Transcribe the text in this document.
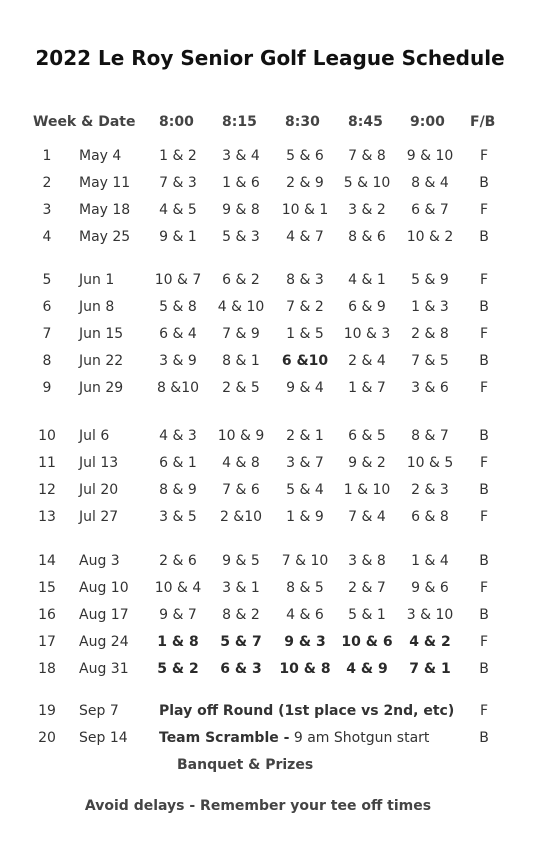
2022 Le Roy Senior Golf League Schedule
Week & Date 8:00 8:15 8:30 8:45 9:00 F/B
1	May 4	1 & 2	3 & 4	5 & 6	7 & 8	9 & 10	F
2	May 11	7 & 3	1 & 6	2 & 9	5 & 10	8 & 4	B
3	May 18	4 & 5	9 & 8	10 & 1	3 & 2	6 & 7	F
4	May 25	9 & 1	5 & 3	4 & 7	8 & 6	10 & 2	B
5	Jun 1	10 & 7	6 & 2	8 & 3	4 & 1	5 & 9	F
6	Jun 8	5 & 8	4 & 10	7 & 2	6 & 9	1 & 3	B
7	Jun 15	6 & 4	7 & 9	1 & 5	10 & 3	2 & 8	F
8	Jun 22	3 & 9	8 & 1	6 &10	2 & 4	7 & 5	B
9	Jun 29	8 &10	2 & 5	9 & 4	1 & 7	3 & 6	F
10	Jul 6	4 & 3	10 & 9	2 & 1	6 & 5	8 & 7	B
11	Jul 13	6 & 1	4 & 8	3 & 7	9 & 2	10 & 5	F
12	Jul 20	8 & 9	7 & 6	5 & 4	1 & 10	2 & 3	B
13	Jul 27	3 & 5	2 &10	1 & 9	7 & 4	6 & 8	F
14	Aug 3	2 & 6	9 & 5	7 & 10	3 & 8	1 & 4	B
15	Aug 10	10 & 4	3 & 1	8 & 5	2 & 7	9 & 6	F
16	Aug 17	9 & 7	8 & 2	4 & 6	5 & 1	3 & 10	B
17	Aug 24	1 & 8	5 & 7	9 & 3	10 & 6	4 & 2	F
18	Aug 31	5 & 2	6 & 3	10 & 8	4 & 9	7 & 1	B
19	Sep 7	Play off Round (1st place vs 2nd, etc)	F
20	Sep 14 Team Scramble - 9 am Shotgun start	B
Banquet & Prizes
Avoid delays - Remember your tee off times
